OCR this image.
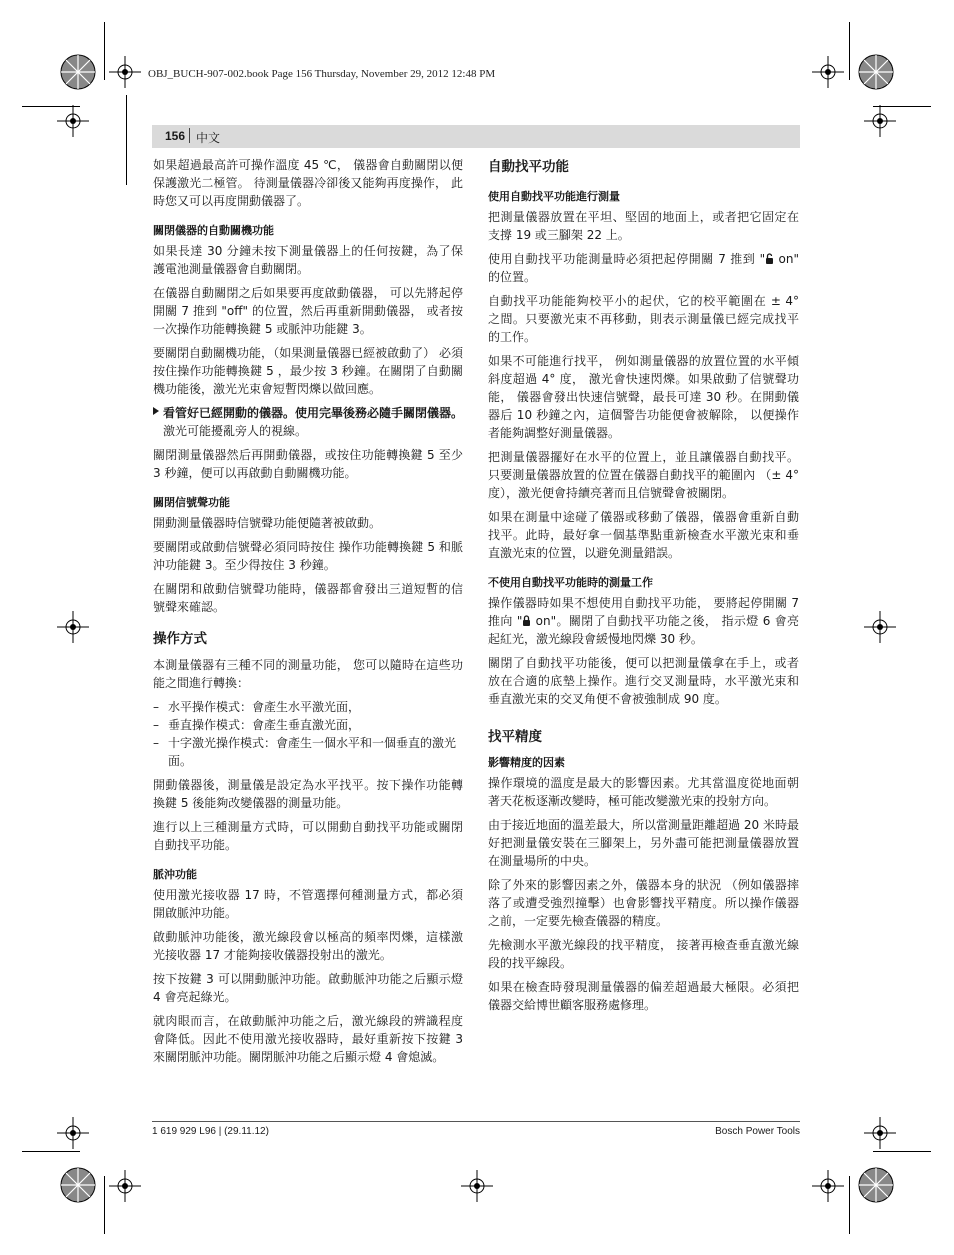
OBJ_BUCH-907-002.book Page 156 Thursday, November 29, 2012 12:48 PM
156 中文

如果超過最高許可操作溫度 45 ℃， 儀器會自動關閉以便保護激光二極管。 待測量儀器冷卻後又能夠再度操作， 此時您又可以再度開動儀器了。

關閉儀器的自動關機功能

如果長達 30 分鐘未按下測量儀器上的任何按鍵，為了保護電池測量儀器會自動關閉。

在儀器自動關閉之后如果要再度啟動儀器， 可以先將起停開關 7 推到 "off" 的位置，然后再重新開動儀器， 或者按一次操作功能轉換鍵 5 或脈沖功能鍵 3。

要關閉自動關機功能，（如果測量儀器已經被啟動了） 必須按住操作功能轉換鍵 5 ，最少按 3 秒鐘。在關閉了自動關機功能後，激光光束會短暫閃爍以做回應。

看管好已經開動的儀器。使用完畢後務必隨手關閉儀器。 激光可能擾亂旁人的視線。

關閉測量儀器然后再開動儀器，或按住功能轉換鍵 5 至少 3 秒鐘，便可以再啟動自動關機功能。

關閉信號聲功能

開動測量儀器時信號聲功能便隨著被啟動。

要關閉或啟動信號聲必須同時按住 操作功能轉換鍵 5 和脈沖功能鍵 3。至少得按住 3 秒鐘。

在關閉和啟動信號聲功能時，儀器都會發出三道短暫的信號聲來確認。

操作方式

本測量儀器有三種不同的測量功能， 您可以隨時在這些功能之間進行轉換：

– 水平操作模式：會產生水平激光面，
– 垂直操作模式：會產生垂直激光面，
– 十字激光操作模式：會產生一個水平和一個垂直的激光面。

開動儀器後，測量儀是設定為水平找平。按下操作功能轉換鍵 5 後能夠改變儀器的測量功能。

進行以上三種測量方式時，可以開動自動找平功能或關閉自動找平功能。

脈沖功能

使用激光接收器 17 時，不管選擇何種測量方式，都必須開啟脈沖功能。

啟動脈沖功能後，激光線段會以極高的頻率閃爍，這樣激光接收器 17 才能夠接收儀器投射出的激光。

按下按鍵 3 可以開動脈沖功能。啟動脈沖功能之后顯示燈 4 會亮起綠光。

就肉眼而言，在啟動脈沖功能之后，激光線段的辨識程度會降低。因此不使用激光接收器時，最好重新按下按鍵 3 來關閉脈沖功能。關閉脈沖功能之后顯示燈 4 會熄滅。

自動找平功能
使用自動找平功能進行測量

把測量儀器放置在平坦、堅固的地面上，或者把它固定在支撐 19 或三腳架 22 上。

使用自動找平功能測量時必須把起停開關 7 推到 " on" 的位置。

自動找平功能能夠校平小的起伏，它的校平範圍在 ± 4° 之間。只要激光束不再移動，則表示測量儀已經完成找平的工作。

如果不可能進行找平， 例如測量儀器的放置位置的水平傾斜度超過 4° 度， 激光會快速閃爍。如果啟動了信號聲功能， 儀器會發出快速信號聲，最長可達 30 秒。在開動儀器后 10 秒鐘之內，這個警告功能便會被解除， 以便操作者能夠調整好測量儀器。

把測量儀器擺好在水平的位置上，並且讓儀器自動找平。只要測量儀器放置的位置在儀器自動找平的範圍內 （± 4° 度），激光便會持續亮著而且信號聲會被關閉。

如果在測量中途碰了儀器或移動了儀器，儀器會重新自動找平。此時，最好拿一個基準點重新檢查水平激光束和垂直激光束的位置，以避免測量錯誤。

不使用自動找平功能時的測量工作

操作儀器時如果不想使用自動找平功能， 要將起停開關 7 推向 " on"。關閉了自動找平功能之後， 指示燈 6 會亮起紅光，激光線段會緩慢地閃爍 30 秒。

關閉了自動找平功能後，便可以把測量儀拿在手上，或者放在合適的底墊上操作。進行交叉測量時，水平激光束和垂直激光束的交叉角便不會被強制成 90 度。

找平精度
影響精度的因素

操作環境的溫度是最大的影響因素。尤其當溫度從地面朝著天花板逐漸改變時，極可能改變激光束的投射方向。

由于接近地面的溫差最大，所以當測量距離超過 20 米時最好把測量儀安裝在三腳架上，另外盡可能把測量儀器放置在測量場所的中央。

除了外來的影響因素之外，儀器本身的狀況 （例如儀器摔落了或遭受強烈撞擊）也會影響找平精度。所以操作儀器之前，一定要先檢查儀器的精度。

先檢測水平激光線段的找平精度， 接著再檢查垂直激光線段的找平線段。

如果在檢查時發現測量儀器的偏差超過最大極限。必須把儀器交給博世顧客服務處修理。

1 619 929 L96 | (29.11.12)	Bosch Power Tools
